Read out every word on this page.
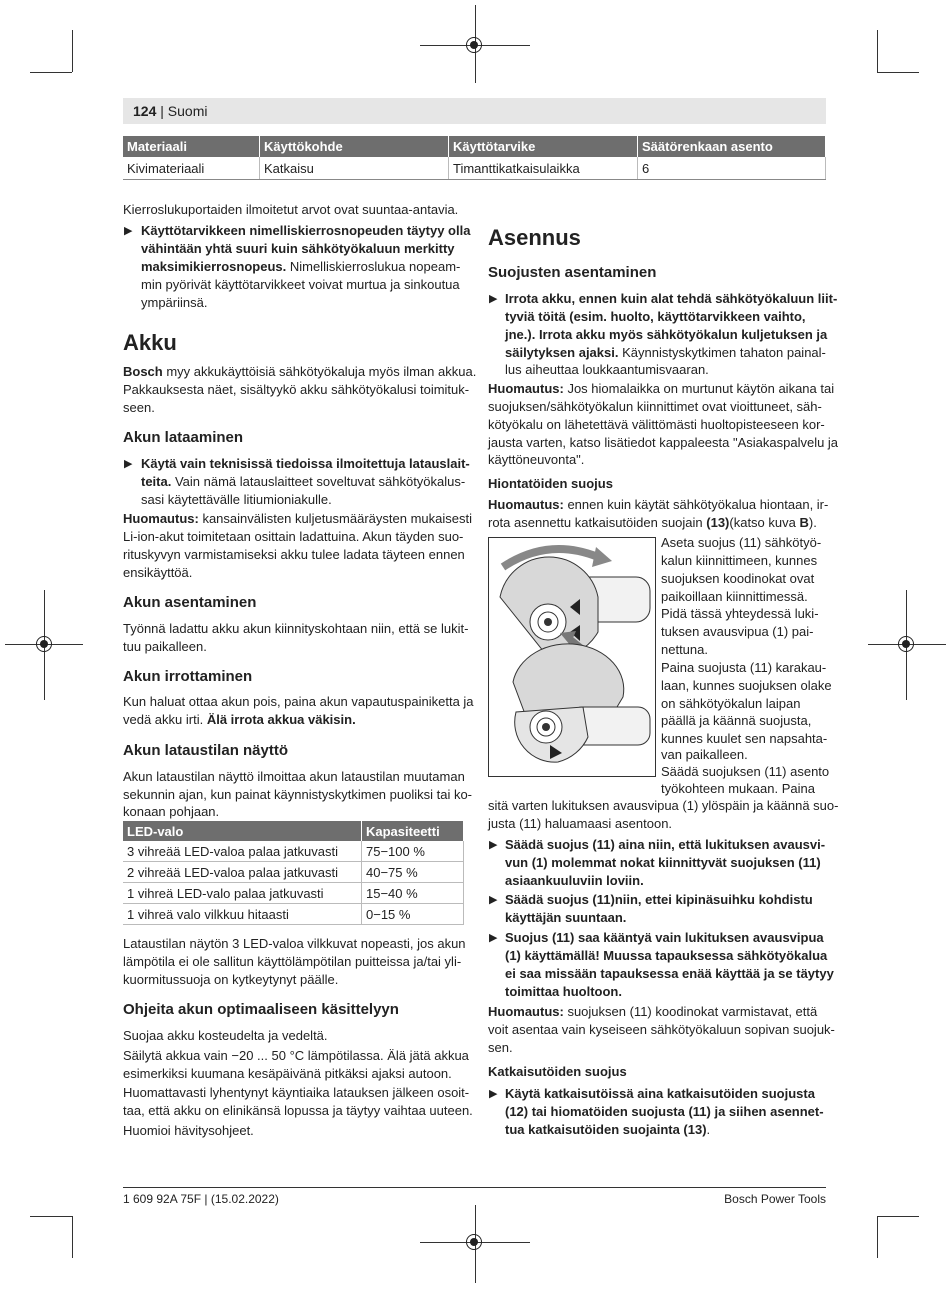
124 | Suomi
Materiaali	Käyttökohde	Käyttötarvike	Säätörenkaan asento
Kivimateriaali	Katkaisu	Timanttikatkaisulaikka	6
Kierroslukuportaiden ilmoitetut arvot ovat suuntaa-antavia.
▶ Käyttötarvikkeen nimelliskierrosnopeuden täytyy olla
vähintään yhtä suuri kuin sähkötyökaluun merkitty
maksimikierrosnopeus. Nimelliskierroslukua nopeam-
min pyörivät käyttötarvikkeet voivat murtua ja sinkoutua
ympäriinsä.
Akku
Bosch myy akkukäyttöisiä sähkötyökaluja myös ilman akkua.
Pakkauksesta näet, sisältyykö akku sähkötyökalusi toimituk-
seen.
Akun lataaminen
▶ Käytä vain teknisissä tiedoissa ilmoitettuja latauslait-
teita. Vain nämä latauslaitteet soveltuvat sähkötyökalus-
sasi käytettävälle litiumioniakulle.
Huomautus: kansainvälisten kuljetusmääräysten mukaisesti
Li-ion-akut toimitetaan osittain ladattuina. Akun täyden suo-
rituskyvyn varmistamiseksi akku tulee ladata täyteen ennen
ensikäyttöä.
Akun asentaminen
Työnnä ladattu akku akun kiinnityskohtaan niin, että se lukit-
tuu paikalleen.
Akun irrottaminen
Kun haluat ottaa akun pois, paina akun vapautuspainiketta ja
vedä akku irti. Älä irrota akkua väkisin.
Akun lataustilan näyttö
Akun lataustilan näyttö ilmoittaa akun lataustilan muutaman
sekunnin ajan, kun painat käynnistyskytkimen puoliksi tai ko-
konaan pohjaan.
LED-valo	Kapasiteetti
3 vihreää LED-valoa palaa jatkuvasti	75−100 %
2 vihreää LED-valoa palaa jatkuvasti	40−75 %
1 vihreä LED-valo palaa jatkuvasti	15−40 %
1 vihreä valo vilkkuu hitaasti	0−15 %
Lataustilan näytön 3 LED-valoa vilkkuvat nopeasti, jos akun
lämpötila ei ole sallitun käyttölämpötilan puitteissa ja/tai yli-
kuormitussuoja on kytkeytynyt päälle.
Ohjeita akun optimaaliseen käsittelyyn
Suojaa akku kosteudelta ja vedeltä.
Säilytä akkua vain −20 ... 50 °C lämpötilassa. Älä jätä akkua
esimerkiksi kuumana kesäpäivänä pitkäksi ajaksi autoon.
Huomattavasti lyhentynyt käyntiaika latauksen jälkeen osoit-
taa, että akku on elinikänsä lopussa ja täytyy vaihtaa uuteen.
Huomioi hävitysohjeet.
Asennus
Suojusten asentaminen
▶ Irrota akku, ennen kuin alat tehdä sähkötyökaluun liit-
tyviä töitä (esim. huolto, käyttötarvikkeen vaihto,
jne.). Irrota akku myös sähkötyökalun kuljetuksen ja
säilytyksen ajaksi. Käynnistyskytkimen tahaton painal-
lus aiheuttaa loukkaantumisvaaran.
Huomautus: Jos hiomalaikka on murtunut käytön aikana tai
suojuksen/sähkötyökalun kiinnittimet ovat vioittuneet, säh-
kötyökalu on lähetettävä välittömästi huoltopisteeseen kor-
jausta varten, katso lisätiedot kappaleesta "Asiakaspalvelu ja
käyttöneuvonta".
Hiontatöiden suojus
Huomautus: ennen kuin käytät sähkötyökalua hiontaan, ir-
rota asennettu katkaisutöiden suojain (13)(katso kuva B).
Aseta suojus (11) sähkötyö-
kalun kiinnittimeen, kunnes
suojuksen koodinokat ovat
paikoillaan kiinnittimessä.
Pidä tässä yhteydessä luki-
tuksen avausvipua (1) pai-
nettuna.
Paina suojusta (11) karakau-
laan, kunnes suojuksen olake
on sähkötyökalun laipan
päällä ja käännä suojusta,
kunnes kuulet sen napsahta-
van paikalleen.
Säädä suojuksen (11) asento
työkohteen mukaan. Paina
sitä varten lukituksen avausvipua (1) ylöspäin ja käännä suo-
justa (11) haluamaasi asentoon.
▶ Säädä suojus (11) aina niin, että lukituksen avausvi-
vun (1) molemmat nokat kiinnittyvät suojuksen (11)
asiaankuuluviin loviin.
▶ Säädä suojus (11)niin, ettei kipinäsuihku kohdistu
käyttäjän suuntaan.
▶ Suojus (11) saa kääntyä vain lukituksen avausvipua
(1) käyttämällä! Muussa tapauksessa sähkötyökalua
ei saa missään tapauksessa enää käyttää ja se täytyy
toimittaa huoltoon.
Huomautus: suojuksen (11) koodinokat varmistavat, että
voit asentaa vain kyseiseen sähkötyökaluun sopivan suojuk-
sen.
Katkaisutöiden suojus
▶ Käytä katkaisutöissä aina katkaisutöiden suojusta
(12) tai hiomatöiden suojusta (11) ja siihen asennet-
tua katkaisutöiden suojainta (13).
1 609 92A 75F | (15.02.2022)	Bosch Power Tools
